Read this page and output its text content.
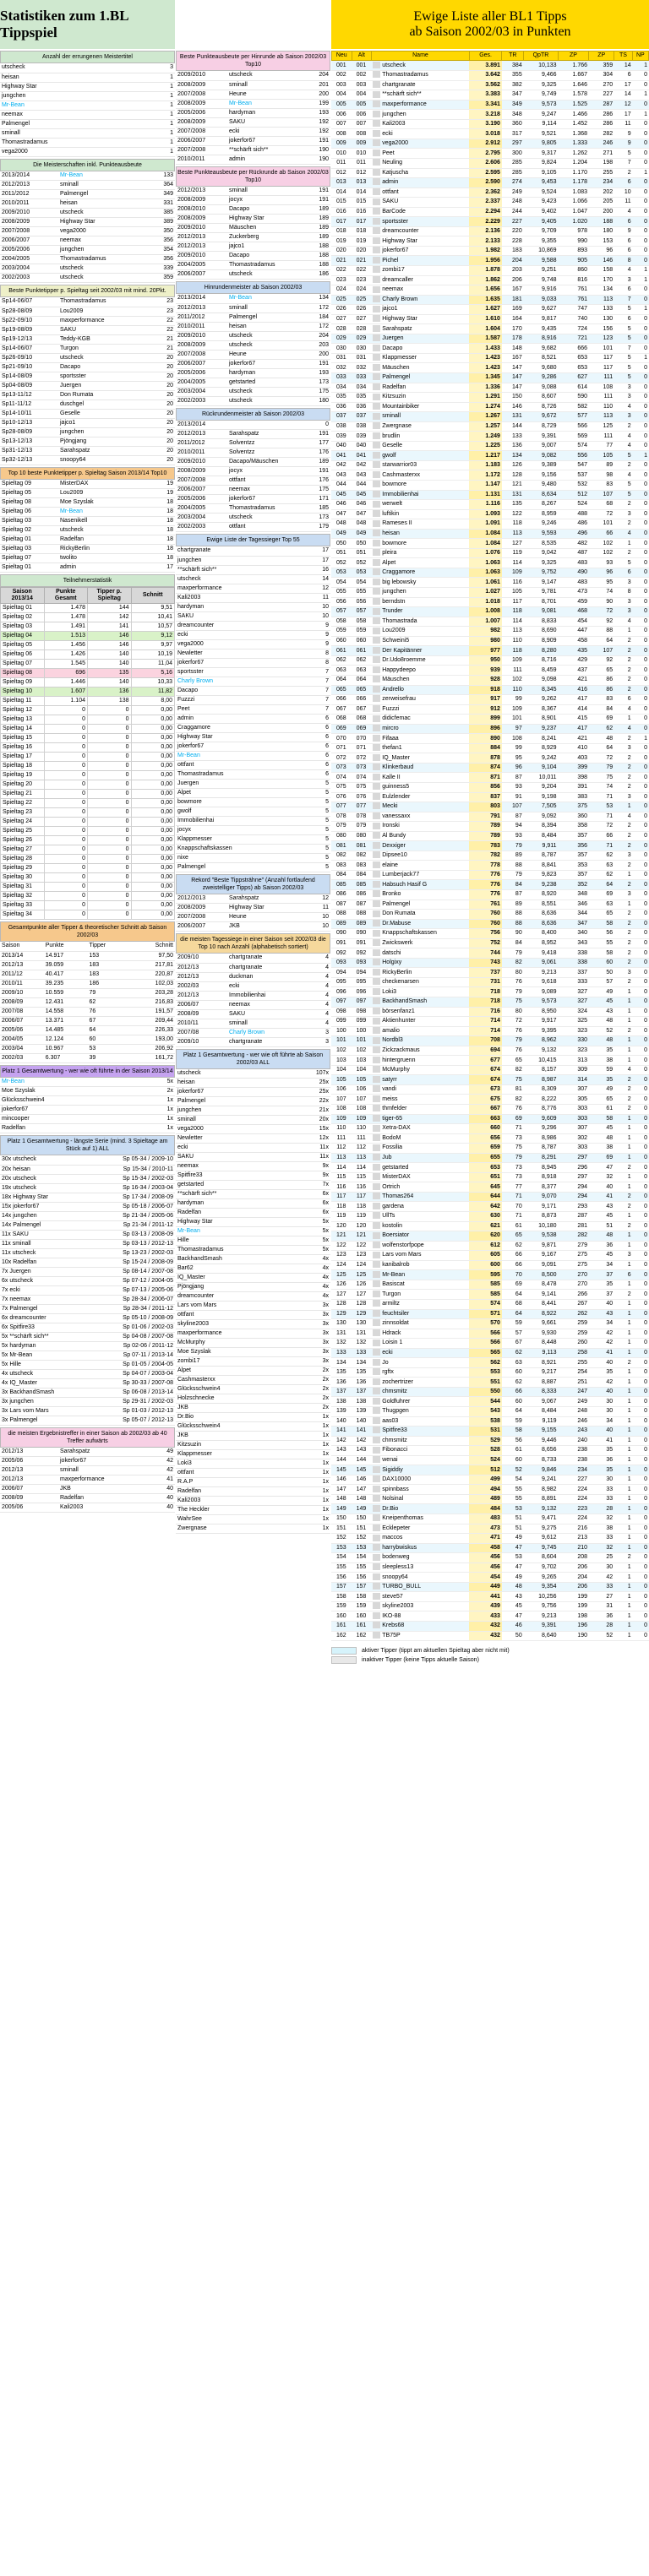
Statistiken zum 1.BL Tippspiel
Ewige Liste aller BL1 Tipps
ab Saison 2002/03 in Punkten
Anzahl der errungenen Meistertitel
utscheck	3
heisan	1
Highway Star	1
jungchen	1
Mr-Bean	1
neemax	1
Palmengel	1
sminall	1
Thomastradamus	1
vega2000	1
Die Meisterschaften inkl. Punkteausbeute
2013/2014	Mr-Bean	133
2012/2013	sminall	364
2011/2012	Palmengel	349
2010/2011	heisan	331
2009/2010	utscheck	385
2008/2009	Highway Star	389
2007/2008	vega2000	350
2006/2007	neemax	356
2005/2006	jungchen	354
2004/2005	Thomastradamus	356
2003/2004	utscheck	339
2002/2003	utscheck	359
Beste Punktetipper p. Spieltag seit 2002/03 mit mind. 20Pkt.
Sp14-06/07	Thomastradamus	23
Sp28-08/09	Lou2009	23
Sp22-09/10	maxperformance	22
Sp19-08/09	SAKU	22
Sp19-12/13	Teddy-KGB	21
Sp14-06/07	Turgon	21
Sp26-09/10	utscheck	20
Sp21-09/10	Dacapo	20
Sp14-08/09	sportsster	20
Sp04-08/09	Juergen	20
Sp13-11/12	Don Rumata	20
Sp11-11/12	duschgel	20
Sp14-10/11	Geselle	20
Sp10-12/13	jajco1	20
Sp28-08/09	jungchen	20
Sp13-12/13	Pjöngjang	20
Sp31-12/13	Sarahspatz	20
Sp32-12/13	snoopy64	20
Top 10 beste Punktetipper p. Spieltag Saison 2013/14 Top10
Spieltag 09	MisterDAX	19
Spieltag 05	Lou2009	19
Spieltag 08	Moe Szyslak	18
Spieltag 06	Mr-Bean	18
Spieltag 03	Nasenikell	18
Spieltag 02	utscheck	18
Spieltag 01	Radelfan	18
Spieltag 03	RickyBerlin	18
Spieltag 07	twolito	18
Spieltag 01	admin	17
Teilnehmerstatistik
Saison 2013/14	Punkte Gesamt	Tipper p. Spieltag	Schnitt
Spieltag 01	1.478	144	9,51
Spieltag 02	1.478	142	10,41
Spieltag 03	1.491	141	10,57
Spieltag 04	1.513	146	9,12
Spieltag 05	1.456	146	9,97
Spieltag 06	1.426	140	10,19
Spieltag 07	1.545	140	11,04
Spieltag 08	696	135	5,16
Spieltag 09	1.446	140	10,33
Spieltag 10	1.607	136	11,82
Spieltag 11	1.104	138	8,00
Spieltag 12	0	0	0,00
Spieltag 13	0	0	0,00
Spieltag 14	0	0	0,00
Spieltag 15	0	0	0,00
Spieltag 16	0	0	0,00
Spieltag 17	0	0	0,00
Spieltag 18	0	0	0,00
Spieltag 19	0	0	0,00
Spieltag 20	0	0	0,00
Spieltag 21	0	0	0,00
Spieltag 22	0	0	0,00
Spieltag 23	0	0	0,00
Spieltag 24	0	0	0,00
Spieltag 25	0	0	0,00
Spieltag 26	0	0	0,00
Spieltag 27	0	0	0,00
Spieltag 28	0	0	0,00
Spieltag 29	0	0	0,00
Spieltag 30	0	0	0,00
Spieltag 31	0	0	0,00
Spieltag 32	0	0	0,00
Spieltag 33	0	0	0,00
Spieltag 34	0	0	0,00
Gesamtpunkte aller Tipper & theoretischer Schnitt ab Saison 2002/03
Saison	Punkte	Tipper	Schnitt
2013/14	14.917	153	97,50
2012/13	39.059	183	217,81
2011/12	40.417	183	220,87
2010/11	39.235	186	102,03
2009/10	10.559	79	203,28
2008/09	12.431	62	216,83
2007/08	14.558	76	191,57
2006/07	13.371	67	209,44
2005/06	14.485	64	226,33
2004/05	12.124	60	193,00
2003/04	10.967	53	206,92
2002/03	6.307	39	161,72
Platz 1 Gesamtwertung - wer wie oft führte in der Saison 2013/14
Mr-Bean	5x
Moe Szyslak	2x
Glücksschwein4	1x
jokerfor67	1x
mincooper	1x
Radelfan	1x
Platz 1 Gesamtwertung - längste Serie (mind. 3 Spieltage am Stück auf 1) ALL
30x utscheck	Sp 05-34 / 2009-10
20x heisan	Sp 15-34 / 2010-11
20x utscheck	Sp 15-34 / 2002-03
19x utscheck	Sp 16-34 / 2003-04
18x Highway Star	Sp 17-34 / 2008-09
15x jokerfor67	Sp 05-18 / 2006-07
14x jungchen	Sp 21-34 / 2005-06
14x Palmengel	Sp 21-34 / 2011-12
11x SAKU	Sp 03-13 / 2008-09
11x sminall	Sp 03-13 / 2012-13
11x utscheck	Sp 13-23 / 2002-03
10x Radelfan	Sp 15-24 / 2008-09
7x Juergen	Sp 08-14 / 2007-08
6x utscheck	Sp 07-12 / 2004-05
7x ecki	Sp 07-13 / 2005-06
7x neemax	Sp 28-34 / 2006-07
7x Palmengel	Sp 28-34 / 2011-12
6x dreamcounter	Sp 05-10 / 2008-09
6x Spitfire33	Sp 01-06 / 2002-03
5x **schärft sich**	Sp 04-08 / 2007-08
5x hardyman	Sp 02-06 / 2011-12
5x Mr-Bean	Sp 07-11 / 2013-14
5x Hille	Sp 01-05 / 2004-05
4x utscheck	Sp 04-07 / 2003-04
4x IQ_Master	Sp 30-33 / 2007-08
3x BackhandSmash	Sp 06-08 / 2013-14
3x jungchen	Sp 29-31 / 2002-03
3x Lars vom Mars	Sp 01-03 / 2012-13
3x Palmengel	Sp 05-07 / 2012-13
die meisten Ergebnistreffer in einer Saison ab 2002/03 ab 40 Treffer aufwärts
2012/13	Sarahspatz	49
2005/06	jokerfor67	42
2012/13	sminall	42
2012/13	maxperformance	41
2006/07	JKB	40
2008/09	Radelfan	40
2005/06	Kali2003	40
Beste Punkteausbeute per Hinrunde ab Saison 2002/03 Top10
2009/2010	utscheck	204
2008/2009	sminall	201
2007/2008	Heune	200
2008/2009	Mr-Bean	199
2005/2006	hardyman	193
2008/2009	SAKU	192
2007/2008	ecki	192
2006/2007	jokerfor67	191
2007/2008	**schärft sich**	190
2010/2011	admin	190
Beste Punkteausbeute per Rückrunde ab Saison 2002/03 Top10
2012/2013	sminall	191
2008/2009	jocyx	191
2008/2010	Dacapo	189
2008/2009	Highway Star	189
2009/2010	Mäuschen	189
2012/2013	Zuckerberg	189
2012/2013	jajco1	188
2009/2010	Dacapo	188
2004/2005	Thomastradamus	188
2006/2007	utscheck	186
Hinrundenmeister ab Saison 2002/03
2013/2014	Mr-Bean	134
2012/2013	sminall	172
2011/2012	Palmengel	184
2010/2011	heisan	172
2009/2010	utscheck	204
2008/2009	utscheck	203
2007/2008	Heune	200
2006/2007	jokerfor67	191
2005/2006	hardyman	193
2004/2005	getstarted	173
2003/2004	utscheck	175
2002/2003	utscheck	180
Rückrundenmeister ab Saison 2002/03
2013/2014		0
2012/2013	Sarahspatz	191
2011/2012	Solventzz	177
2010/2011	Solventzz	176
2009/2010	Dacapo/Mäuschen	189
2008/2009	jocyx	191
2007/2008	ottfant	176
2006/2007	neemax	175
2005/2006	jokerfor67	171
2004/2005	Thomastradamus	185
2003/2004	utscheck	173
2002/2003	ottfant	179
Ewige Liste der Tagessieger Top 55
chartgranate	17
jungchen	17
**schärft sich**	16
utscheck	14
maxperformance	12
Kali2003	11
hardyman	10
SAKU	10
dreamcounter	9
ecki	9
vega2000	9
Newletter	8
jokerfor67	8
sportsster	7
Charly Brown	7
Dacapo	7
Fuzzzi	7
Peet	7
admin	6
Craggamore	6
Highway Star	6
jokerfor67	6
Mr-Bean	6
ottfant	6
Thomastradamus	6
Juergen	5
Alpet	5
bowmore	5
gwolf	5
Immobilienhai	5
jocyx	5
Klappmesser	5
Knappschaftskassen	5
nixe	5
Palmengel	5
Rekord "Beste Tippsträhne" (Anzahl fortlaufend zweistelliger Tipps) ab Saison 2002/03
2012/2013	Sarahspatz	12
2008/2009	Highway Star	11
2007/2008	Heune	10
2006/2007	JKB	10
die meisten Tagessiege in einer Saison seit 2002/03 die Top 10 nach Anzahl (alphabetisch sortiert)
2009/10	chartgranate	4
2012/13	chartgranate	4
2012/13	duckman	4
2002/03	ecki	4
2012/13	Immobilienhai	4
2006/07	neemax	4
2008/09	SAKU	4
2010/11	sminall	4
2007/08	Charly Brown	3
2009/10	chartgranate	3
Platz 1 Gesamtwertung - wer wie oft führte ab Saison 2002/03 ALL
utscheck	107x
heisan	25x
jokerfor67	25x
Palmengel	22x
jungchen	21x
sminall	20x
vega2000	15x
Newletter	12x
ecki	11x
SAKU	11x
neemax	9x
Spitfire33	9x
getstarted	7x
**schärft sich**	6x
hardyman	6x
Radelfan	6x
Highway Star	5x
Mr-Bean	5x
Hille	5x
Thomastradamus	5x
BackhandSmash	4x
Bar62	4x
IQ_Master	4x
Pjöngjang	4x
dreamcounter	4x
Lars vom Mars	3x
ottfant	3x
skyline2003	3x
maxperformance	3x
McMurphy	3x
Moe Szyslak	3x
zombi17	3x
Alpet	2x
Cashmasterxx	2x
Glücksschwein4	2x
Holzschnecke	2x
JKB	2x
Dr.Bio	1x
Glücksschwein4	1x
JKB	1x
Kitzsuzin	1x
Klappmesser	1x
Loki3	1x
ottfant	1x
R.A.P	1x
Radelfan	1x
Kali2003	1x
The Heckler	1x
WahrSee	1x
Zwergnase	1x
Neu	Alt	Name	Ges.	TR	QpTR	ZP	ZP	TS	NP
001	001	utscheck	3.891	384	10,133	1.766	359	14	1
002	002	Thomastradamus	3.642	355	9,466	1.667	304	6	0
003	003	chartgranate	3.562	382	9,325	1.646	270	17	0
004	004	**schärft sich**	3.383	347	9,749	1.578	227	14	1
005	005	maxperformance	3.341	349	9,573	1.525	287	12	0
006	006	jungchen	3.218	348	9,247	1.466	286	17	1
007	007	Kali2003	3.190	360	9,114	1.452	286	11	0
008	008	ecki	3.018	317	9,521	1.368	282	9	0
009	009	vega2000	2.912	297	9,805	1.333	246	9	0
010	010	Peet	2.795	300	9,317	1.262	271	5	0
011	011	Neuling	2.606	285	9,824	1.204	198	7	0
012	012	Katjuscha	2.595	285	9,105	1.170	255	2	1
013	013	admin	2.590	274	9,453	1.178	234	6	0
014	014	ottfant	2.362	249	9,524	1.083	202	10	0
015	015	SAKU	2.337	248	9,423	1.066	205	11	0
016	016	BarCode	2.294	244	9,402	1.047	200	4	0
017	017	sportsster	2.229	227	9,405	1.020	188	6	0
018	018	dreamcounter	2.136	220	9,709	978	180	9	0
019	019	Highway Star	2.133	228	9,355	990	153	6	0
020	020	jokerfor67	1.982	183	10,869	893	96	6	0
021	021	Pichel	1.956	204	9,588	905	146	8	0
022	022	zombi17	1.878	203	9,251	860	158	4	1
023	023	dreamcaller	1.862	206	9,748	816	170	3	1
024	024	neemax	1.656	167	9,916	761	134	6	0
025	025	Charly Brown	1.635	181	9,033	761	113	7	0
026	026	jajco1	1.627	169	9,627	747	133	5	1
027	027	Highway Star	1.610	164	9,817	740	130	6	0
028	028	Sarahspatz	1.604	170	9,435	724	156	5	0
029	029	Juergen	1.587	178	8,916	721	123	5	0
030	030	Dacapo	1.433	148	9,682	666	101	7	0
031	031	Klappmesser	1.423	167	8,521	653	117	5	1
032	032	Mäuschen	1.423	147	9,680	653	117	5	0
033	033	Palmengel	1.345	147	9,286	627	111	5	0
034	034	Radelfan	1.336	147	9,088	614	108	3	0
035	035	Kitzsuzin	1.291	150	8,607	590	111	3	0
036	036	Mountainbiker	1.274	146	8,726	582	110	4	0
037	037	sminall	1.267	131	9,672	577	113	3	0
038	038	Zwergnase	1.257	144	8,729	566	125	2	0
039	039	brudlin	1.249	133	9,391	569	111	4	0
040	040	Geselle	1.225	136	9,007	574	77	4	0
041	041	gwolf	1.217	134	9,082	556	105	5	1
042	042	starwarrior03	1.183	126	9,389	547	89	2	0
043	043	Cashmasterxx	1.172	128	9,156	537	98	4	0
044	044	bowmore	1.147	121	9,480	532	83	5	0
045	045	Immobilienhai	1.131	131	8,634	512	107	5	0
046	046	werwelt	1.116	135	8,267	524	68	2	0
047	047	luftikin	1.093	122	8,959	488	72	3	0
048	048	Rameses II	1.091	118	9,246	486	101	2	0
049	049	heisan	1.084	113	9,593	496	66	4	0
050	050	bowmore	1.084	127	8,535	482	102	1	0
051	051	pleira	1.076	119	9,042	487	102	2	0
052	052	Alpet	1.063	114	9,325	483	93	5	0
053	053	Craggamore	1.063	109	9,752	490	96	6	0
054	054	big lebowsky	1.061	116	9,147	483	95	3	0
055	055	jungchen	1.027	105	9,781	473	74	8	0
056	056	berndstn	1.018	117	8,701	459	90	3	0
057	057	Trunder	1.008	118	9,081	468	72	3	0
058	058	Thomastrada	1.007	114	8,833	454	92	4	0
059	059	Lou2009	982	113	8,690	447	88	1	0
060	060	Schweini5	980	110	8,909	458	64	2	0
061	061	Der Kapitänner	977	118	8,280	435	107	2	0
062	062	Dr.Udo8roemme	950	109	8,716	429	92	2	0
063	063	Happydeepo	939	111	8,459	437	65	2	0
064	064	Mäuschen	928	102	9,098	421	86	2	0
065	065	Andrello	918	110	8,345	416	86	2	0
066	066	zerweisefrau	917	99	9,262	417	83	6	0
067	067	Fuzzzi	912	109	8,367	414	84	4	0
068	068	didicfemac	899	101	8,901	415	69	1	0
069	069	mircro	896	97	9,237	417	62	4	0
070	070	Fifaaa	890	108	8,241	421	48	2	1
071	071	thefan1	884	99	8,929	410	64	3	0
072	072	IQ_Master	878	95	9,242	403	72	2	0
073	073	Klinkerbaud	874	96	9,104	399	79	2	0
074	074	Kalle II	871	87	10,011	398	75	2	0
075	075	guinness5	856	93	9,204	391	74	2	0
076	076	Eulzlender	837	91	9,198	383	71	3	0
077	077	Mecki	803	107	7,505	375	53	1	0
078	078	vanessaxx	791	87	9,092	360	71	4	0
079	079	Ironski	789	94	8,394	358	72	2	0
080	080	Al Bundy	789	93	8,484	357	66	2	0
081	081	Dexxiger	783	79	9,911	356	71	2	0
082	082	Dipsee10	782	89	8,787	357	62	3	0
083	083	elaine	778	88	8,841	353	63	2	0
084	084	Lumberjack77	776	79	9,823	357	62	1	0
085	085	Habsuch Hasif G	776	84	9,238	352	64	2	0
086	086	Bronko	776	87	8,920	348	69	3	0
087	087	Palmengel	761	89	8,551	346	63	1	0
088	088	Don Rumata	760	88	8,636	344	65	2	0
089	089	Dr.Mabuse	760	88	8,636	347	58	2	0
090	090	Knappschaftskassen	756	90	8,400	340	56	2	0
091	091	Zwickswerk	752	84	8,952	343	55	2	0
092	092	datschi	744	79	9,418	338	58	2	0
093	093	Holgixy	743	82	9,061	338	60	2	0
094	094	RickyBerlin	737	80	9,213	337	50	3	0
095	095	checkenarsen	731	76	9,618	333	57	2	0
096	096	Loki3	718	79	9,089	327	49	1	0
097	097	BackhandSmash	718	75	9,573	327	45	1	0
098	098	börsenfanz1	716	80	8,950	324	43	1	0
099	099	Aktienhunter	714	72	9,917	325	48	1	0
100	100	amalio	714	76	9,395	323	52	2	0
101	101	Nordbl3	708	79	8,962	330	48	1	0
102	102	Zickzackmaus	694	76	9,132	323	35	1	0
103	103	hintergruenn	677	65	10,415	313	38	1	0
104	104	McMurphy	674	82	8,157	309	59	4	0
105	105	satyrr	674	75	8,987	314	35	2	0
106	106	vandi	673	81	8,309	307	49	2	0
107	107	meiss	675	82	8,222	305	65	2	0
108	108	thmfelder	667	76	8,776	303	61	2	0
109	109	tiger-65	663	69	9,609	303	58	1	0
110	110	Xetra-DAX	660	71	9,296	307	45	1	0
111	111	BodoM	656	73	8,986	302	48	1	0
112	112	Fossilia	659	75	8,787	303	38	1	0
113	113	Jub	655	79	8,291	297	69	1	0
114	114	getstarted	653	73	8,945	296	47	2	0
115	115	MisterDAX	651	73	8,918	297	32	1	0
116	116	Ortrich	645	77	8,377	294	40	1	0
117	117	Thomas264	644	71	9,070	294	41	2	0
118	118	gardena	642	70	9,171	293	43	2	0
119	119	UllTs	630	71	8,873	287	45	1	0
120	120	kostolin	621	61	10,180	281	51	2	0
121	121	Boersiator	620	65	9,538	282	48	1	0
122	122	wolfenstorfpope	612	62	9,871	279	36	1	0
123	123	Lars vom Mars	605	66	9,167	275	45	3	0
124	124	kanibalrob	600	66	9,091	275	34	1	0
125	125	Mr-Bean	595	70	8,500	270	37	6	0
126	126	Basiscat	585	69	8,478	270	35	1	0
127	127	Turgon	585	64	9,141	266	37	2	0
128	128	armiltz	574	68	8,441	267	40	1	0
129	129	feuchtsiler	571	64	8,922	262	43	1	0
130	130	zinnsoldat	570	59	9,661	259	34	1	0
131	131	Hdrack	566	57	9,930	259	42	1	0
132	132	Loisin 1	566	67	8,448	260	42	1	0
133	133	ecki	565	62	9,113	258	41	1	0
134	134	Jo	562	63	8,921	255	40	2	0
135	135	rgftx	553	60	9,217	254	35	1	0
136	136	zochertrizer	551	62	8,887	251	42	1	0
137	137	chmsmitz	550	66	8,333	247	40	1	0
138	138	Goldfuhrer	544	60	9,067	249	30	1	0
139	139	Thugpgen	543	64	8,484	248	30	1	0
140	140	aas03	538	59	9,119	246	34	1	0
141	141	Spitfire33	531	58	9,155	243	40	1	0
142	142	chmsmitz	529	56	9,446	240	41	1	0
143	143	Fibonacci	528	61	8,656	238	35	1	0
144	144	wenai	524	60	8,733	238	36	1	0
145	145	Sigiddiy	512	52	9,846	234	35	1	0
146	146	DAX10000	499	54	9,241	227	30	1	0
147	147	spinnbass	494	55	8,982	224	33	1	0
148	148	Nolsinal	489	55	8,891	224	33	1	0
149	149	Dr.Bio	484	53	9,132	223	28	1	0
150	150	Kneipenthomas	483	51	9,471	224	32	1	0
151	151	Ecklepeter	473	51	9,275	216	38	1	0
152	152	maccos	471	49	9,612	213	33	1	0
153	153	harrybwiskus	458	47	9,745	210	32	1	0
154	154	bodenweg	456	53	8,604	208	25	2	0
155	155	sleepless13	456	47	9,702	206	30	1	0
156	156	snoopy64	454	49	9,265	204	42	1	0
157	157	TURBO_BULL	449	48	9,354	206	33	1	0
158	158	steve57	441	43	10,256	199	27	1	0
159	159	skyline2003	439	45	9,756	199	31	1	0
160	160	IKO-88	433	47	9,213	198	36	1	0
161	161	Krebs68	432	46	9,391	196	28	1	0
162	162	TB75P	432	50	8,640	190	52	1	0
aktiver Tipper (tippt am aktuellen Spieltag aber nicht mit)
inaktiver Tipper (keine Tipps aktuelle Saison)
